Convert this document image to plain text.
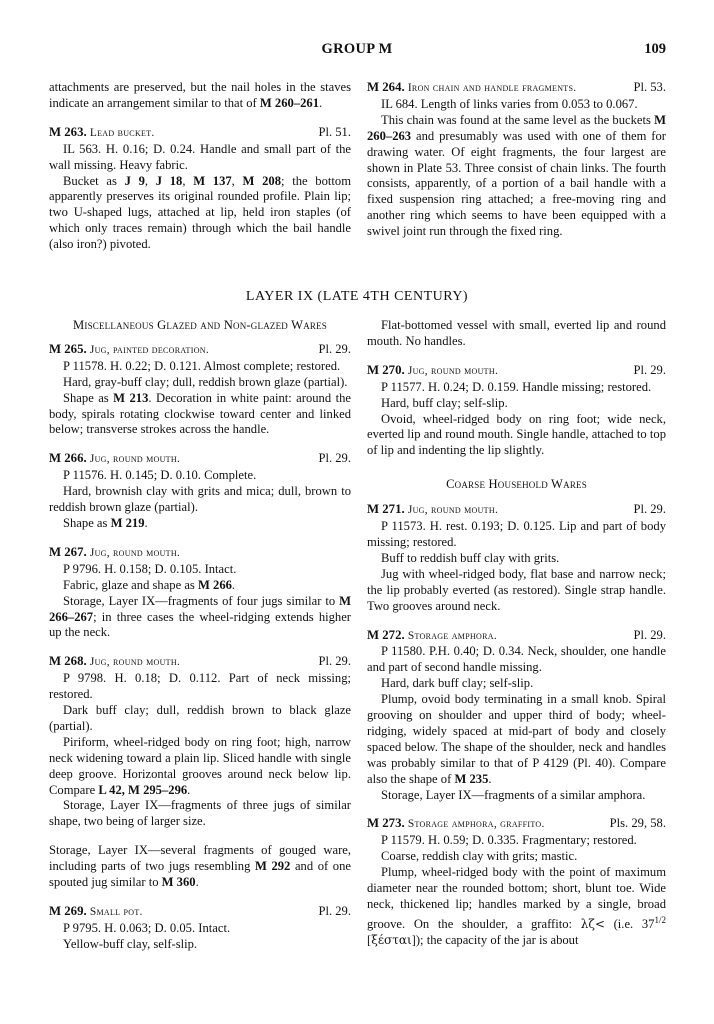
GROUP M	109

attachments are preserved, but the nail holes in the staves indicate an arrangement similar to that of M 260–261.

M 263. Lead bucket.	Pl. 51.

IL 563. H. 0.16; D. 0.24. Handle and small part of the wall missing. Heavy fabric.

Bucket as J 9, J 18, M 137, M 208; the bottom apparently preserves its original rounded profile. Plain lip; two U-shaped lugs, attached at lip, held iron staples (of which only traces remain) through which the bail handle (also iron?) pivoted.

M 264. Iron chain and handle fragments.	Pl. 53.

IL 684. Length of links varies from 0.053 to 0.067.

This chain was found at the same level as the buckets M 260–263 and presumably was used with one of them for drawing water. Of eight fragments, the four largest are shown in Plate 53. Three consist of chain links. The fourth consists, apparently, of a portion of a bail handle with a fixed suspension ring attached; a free-moving ring and another ring which seems to have been equipped with a swivel joint run through the fixed ring.

LAYER IX (LATE 4TH CENTURY)
Miscellaneous Glazed and Non-glazed Wares
M 265. Jug, painted decoration.	Pl. 29.

P 11578. H. 0.22; D. 0.121. Almost complete; restored.

Hard, gray-buff clay; dull, reddish brown glaze (partial).

Shape as M 213. Decoration in white paint: around the body, spirals rotating clockwise toward center and linked below; transverse strokes across the handle.

M 266. Jug, round mouth.	Pl. 29.

P 11576. H. 0.145; D. 0.10. Complete.

Hard, brownish clay with grits and mica; dull, brown to reddish brown glaze (partial).

Shape as M 219.

M 267. Jug, round mouth.

P 9796. H. 0.158; D. 0.105. Intact.

Fabric, glaze and shape as M 266.

Storage, Layer IX—fragments of four jugs similar to M 266–267; in three cases the wheel-ridging extends higher up the neck.

M 268. Jug, round mouth.	Pl. 29.

P 9798. H. 0.18; D. 0.112. Part of neck missing; restored.

Dark buff clay; dull, reddish brown to black glaze (partial).

Piriform, wheel-ridged body on ring foot; high, narrow neck widening toward a plain lip. Sliced handle with single deep groove. Horizontal grooves around neck below lip. Compare L 42, M 295–296.

Storage, Layer IX—fragments of three jugs of similar shape, two being of larger size.

Storage, Layer IX—several fragments of gouged ware, including parts of two jugs resembling M 292 and of one spouted jug similar to M 360.

M 269. Small pot.	Pl. 29.

P 9795. H. 0.063; D. 0.05. Intact.

Yellow-buff clay, self-slip.

Flat-bottomed vessel with small, everted lip and round mouth. No handles.

M 270. Jug, round mouth.	Pl. 29.

P 11577. H. 0.24; D. 0.159. Handle missing; restored.

Hard, buff clay; self-slip.

Ovoid, wheel-ridged body on ring foot; wide neck, everted lip and round mouth. Single handle, attached to top of lip and indenting the lip slightly.

Coarse Household Wares
M 271. Jug, round mouth.	Pl. 29.

P 11573. H. rest. 0.193; D. 0.125. Lip and part of body missing; restored.

Buff to reddish buff clay with grits.

Jug with wheel-ridged body, flat base and narrow neck; the lip probably everted (as restored). Single strap handle. Two grooves around neck.

M 272. Storage amphora.	Pl. 29.

P 11580. P.H. 0.40; D. 0.34. Neck, shoulder, one handle and part of second handle missing.

Hard, dark buff clay; self-slip.

Plump, ovoid body terminating in a small knob. Spiral grooving on shoulder and upper third of body; wheel-ridging, widely spaced at mid-part of body and closely spaced below. The shape of the shoulder, neck and handles was probably similar to that of P 4129 (Pl. 40). Compare also the shape of M 235.

Storage, Layer IX—fragments of a similar amphora.

M 273. Storage amphora, graffito.	Pls. 29, 58.

P 11579. H. 0.59; D. 0.335. Fragmentary; restored.

Coarse, reddish clay with grits; mastic.

Plump, wheel-ridged body with the point of maximum diameter near the rounded bottom; short, blunt toe. Wide neck, thickened lip; handles marked by a single, broad groove. On the shoulder, a graffito: λζ< (i.e. $37^{1/2}$ [ξέσται]); the capacity of the jar is about
